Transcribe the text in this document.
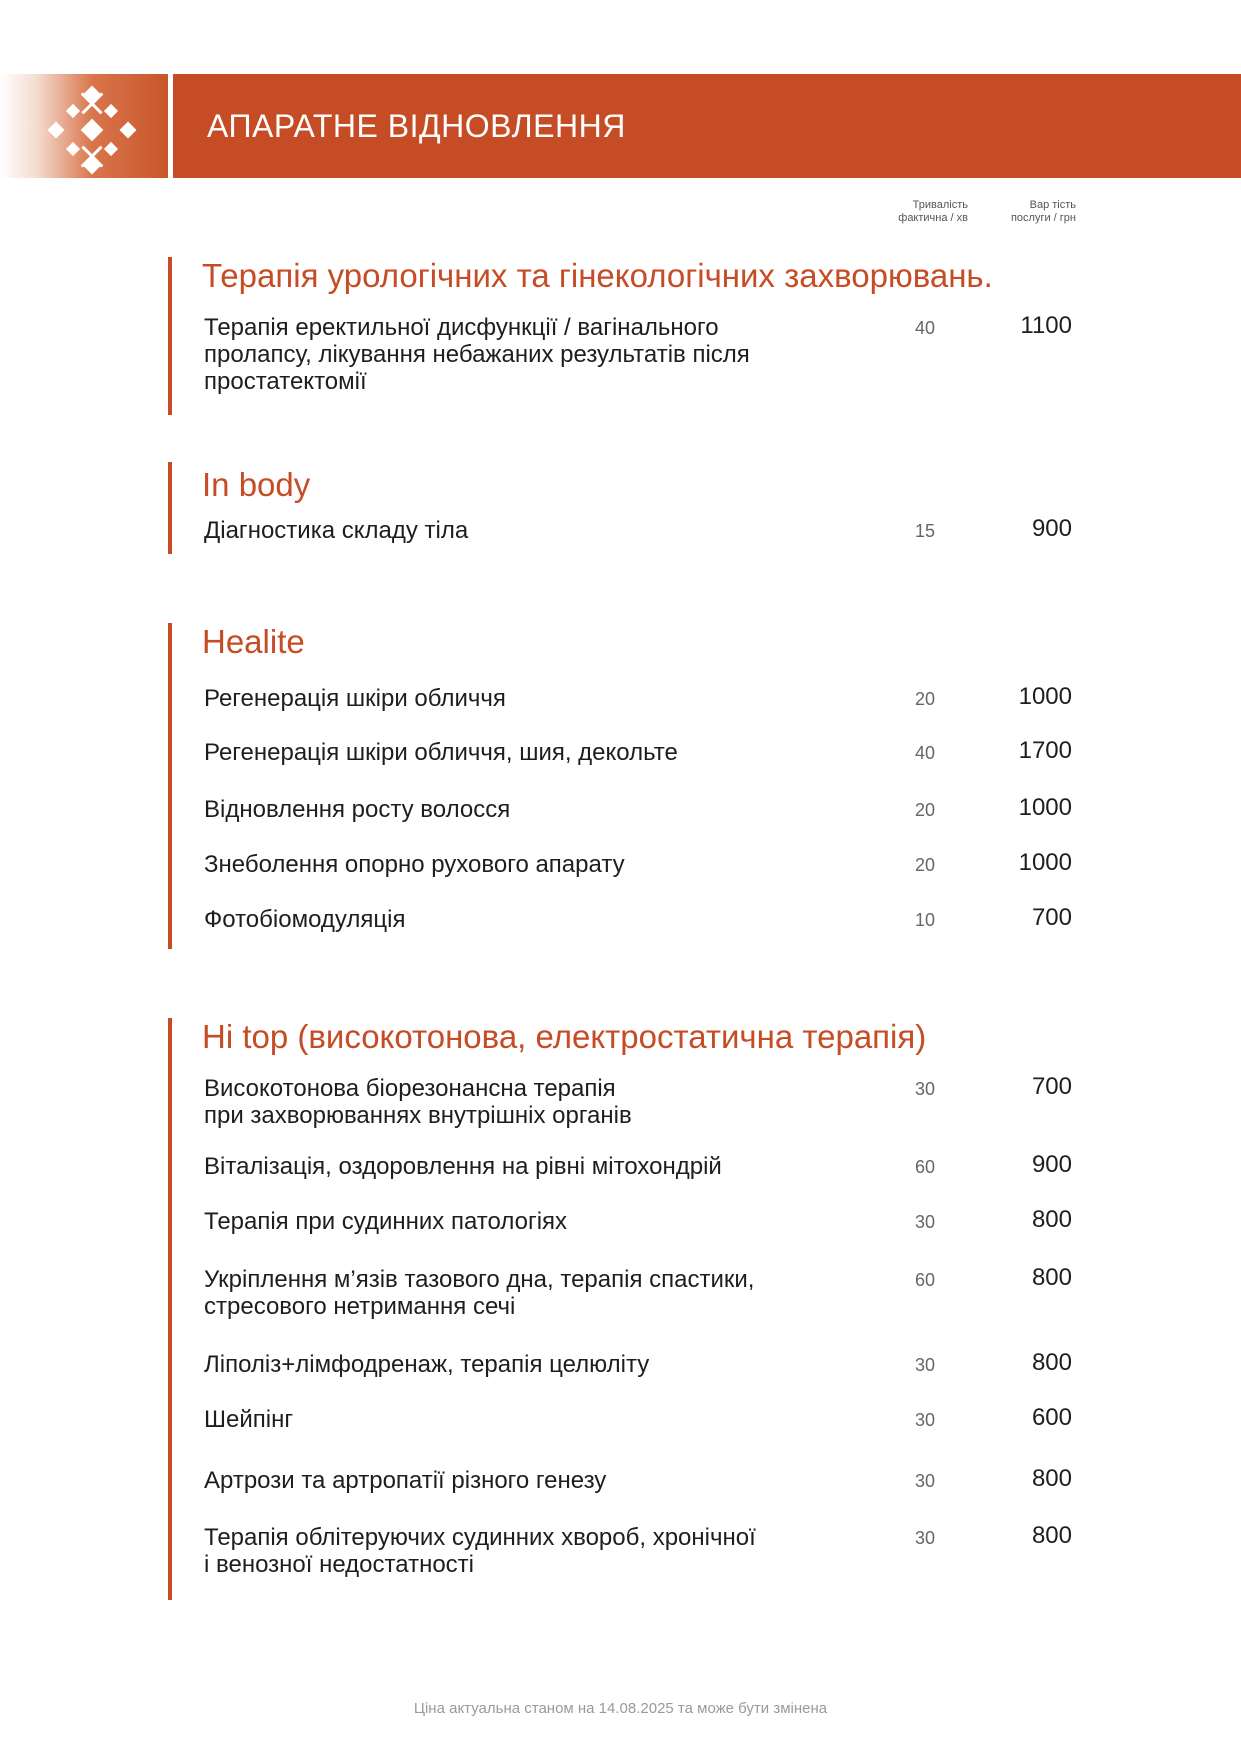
АПАРАТНЕ ВІДНОВЛЕННЯ
Тривалість
фактична / хв
Вар тість
послуги / грн
Терапія урологічних та гінекологічних захворювань.
Терапія еректильної дисфункції / вагінального
пролапсу, лікування небажаних результатів після
простатектомії
40	1100
In body
Діагностика складу тіла	15	900
Healite
Регенерація шкіри обличчя	20	1000
Регенерація шкіри обличчя, шия, декольте	40	1700
Відновлення росту волосся	20	1000
Знеболення опорно рухового апарату	20	1000
Фотобіомодуляція	10	700
Hi top (високотонова, електростатична терапія)
Високотонова біорезонансна терапія
при захворюваннях внутрішніх органів
30	700
Віталізація, оздоровлення на рівні мітохондрій	60	900
Терапія при судинних патологіях	30	800
Укріплення м’язів тазового дна, терапія спастики,
стресового нетримання сечі
60	800
Ліполіз+лімфодренаж, терапія целюліту	30	800
Шейпінг	30	600
Артрози та артропатії різного генезу	30	800
Терапія облітеруючих судинних хвороб, хронічної
і венозної недостатності
30	800
Ціна актуальна станом на 14.08.2025 та може бути змінена
